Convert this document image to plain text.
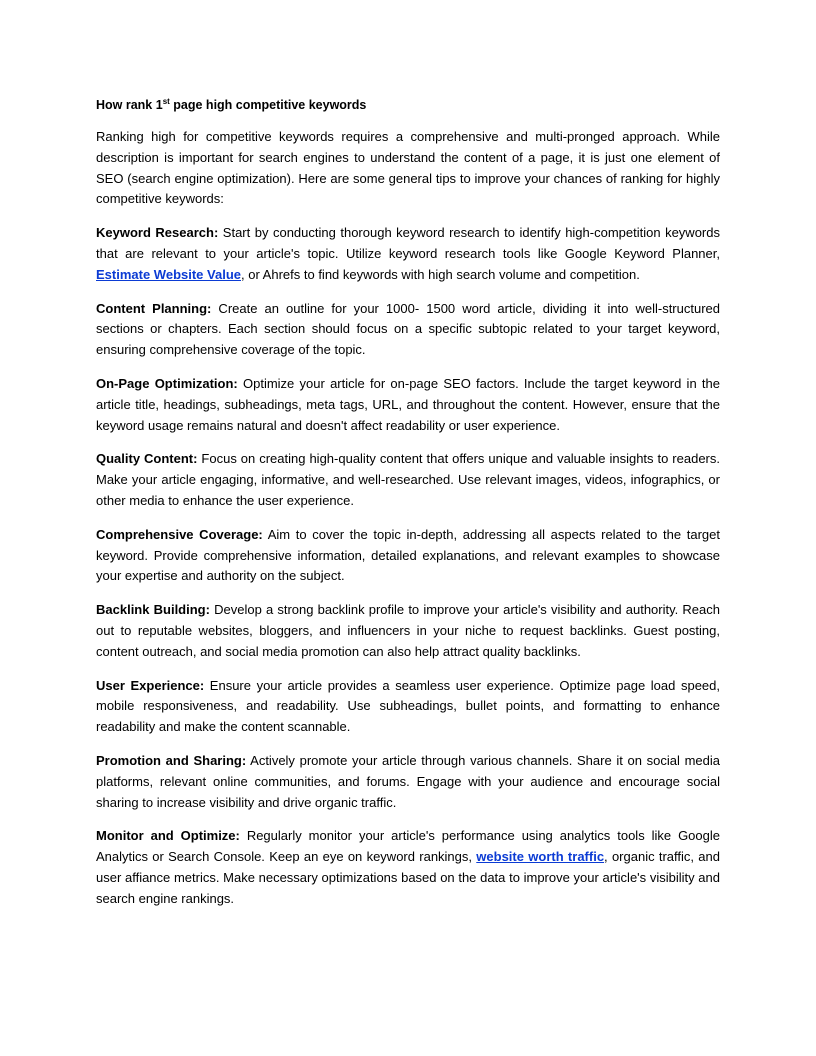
How rank 1st page high competitive keywords

Ranking high for competitive keywords requires a comprehensive and multi-pronged approach. While description is important for search engines to understand the content of a page, it is just one element of SEO (search engine optimization). Here are some general tips to improve your chances of ranking for highly competitive keywords:

Keyword Research: Start by conducting thorough keyword research to identify high-competition keywords that are relevant to your article's topic. Utilize keyword research tools like Google Keyword Planner, Estimate Website Value, or Ahrefs to find keywords with high search volume and competition.

Content Planning: Create an outline for your 1000- 1500 word article, dividing it into well-structured sections or chapters. Each section should focus on a specific subtopic related to your target keyword, ensuring comprehensive coverage of the topic.

On-Page Optimization: Optimize your article for on-page SEO factors. Include the target keyword in the article title, headings, subheadings, meta tags, URL, and throughout the content. However, ensure that the keyword usage remains natural and doesn't affect readability or user experience.

Quality Content: Focus on creating high-quality content that offers unique and valuable insights to readers. Make your article engaging, informative, and well-researched. Use relevant images, videos, infographics, or other media to enhance the user experience.

Comprehensive Coverage: Aim to cover the topic in-depth, addressing all aspects related to the target keyword. Provide comprehensive information, detailed explanations, and relevant examples to showcase your expertise and authority on the subject.

Backlink Building: Develop a strong backlink profile to improve your article's visibility and authority. Reach out to reputable websites, bloggers, and influencers in your niche to request backlinks. Guest posting, content outreach, and social media promotion can also help attract quality backlinks.

User Experience: Ensure your article provides a seamless user experience. Optimize page load speed, mobile responsiveness, and readability. Use subheadings, bullet points, and formatting to enhance readability and make the content scannable.

Promotion and Sharing: Actively promote your article through various channels. Share it on social media platforms, relevant online communities, and forums. Engage with your audience and encourage social sharing to increase visibility and drive organic traffic.

Monitor and Optimize: Regularly monitor your article's performance using analytics tools like Google Analytics or Search Console. Keep an eye on keyword rankings, website worth traffic, organic traffic, and user affiance metrics. Make necessary optimizations based on the data to improve your article's visibility and search engine rankings.
